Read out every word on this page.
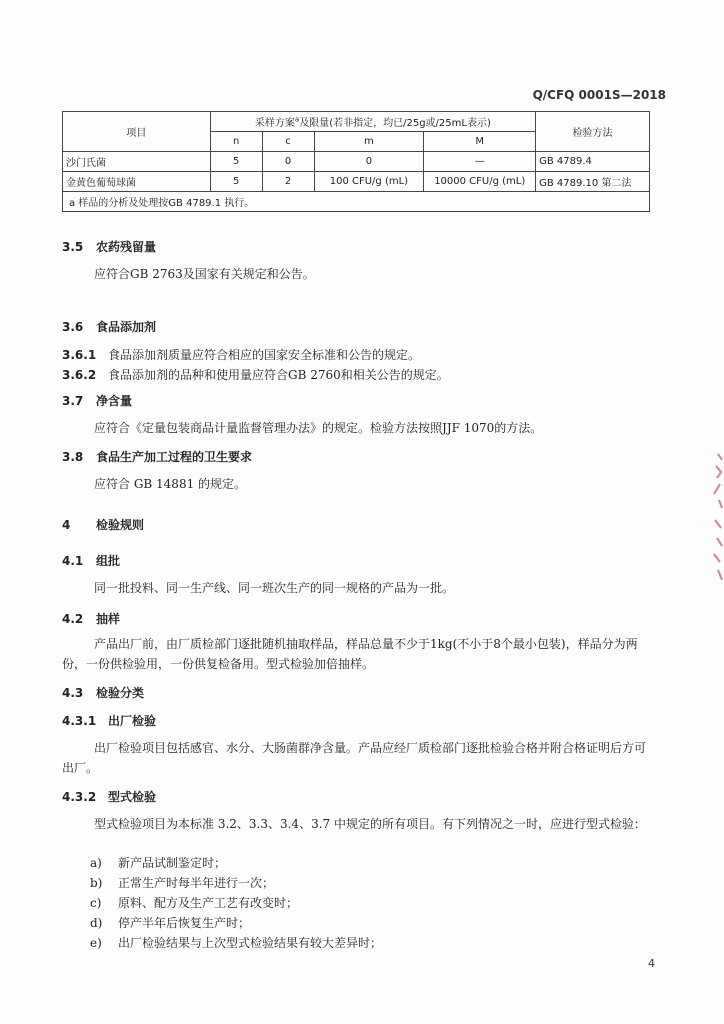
Q/CFQ 0001S—2018
项目	采样方案$^a$及限量(若非指定，均已/25g或/25mL表示)				检验方法
	n	c	m	M	
沙门氏菌	5	0	0	—	GB 4789.4
金黄色葡萄球菌	5	2	100 CFU/g (mL)	10000 CFU/g (mL)	GB 4789.10 第二法
a 样品的分析及处理按GB 4789.1 执行。					
3.5 农药残留量
应符合GB 2763及国家有关规定和公告。
3.6 食品添加剂
3.6.1 食品添加剂质量应符合相应的国家安全标准和公告的规定。
3.6.2 食品添加剂的品种和使用量应符合GB 2760和相关公告的规定。
3.7 净含量
应符合《定量包装商品计量监督管理办法》的规定。检验方法按照JJF 1070的方法。
3.8 食品生产加工过程的卫生要求
应符合 GB 14881 的规定。
4 检验规则
4.1 组批
同一批投料、同一生产线、同一班次生产的同一规格的产品为一批。
4.2 抽样
产品出厂前，由厂质检部门逐批随机抽取样品，样品总量不少于1kg(不小于8个最小包装)，样品分为两份，一份供检验用，一份供复检备用。型式检验加倍抽样。
4.3 检验分类
4.3.1 出厂检验
出厂检验项目包括感官、水分、大肠菌群净含量。产品应经厂质检部门逐批检验合格并附合格证明后方可出厂。
4.3.2 型式检验
型式检验项目为本标准 3.2、3.3、3.4、3.7 中规定的所有项目。有下列情况之一时，应进行型式检验：
a) 新产品试制鉴定时；
b) 正常生产时每半年进行一次；
c) 原料、配方及生产工艺有改变时；
d) 停产半年后恢复生产时；
e) 出厂检验结果与上次型式检验结果有较大差异时；
4
